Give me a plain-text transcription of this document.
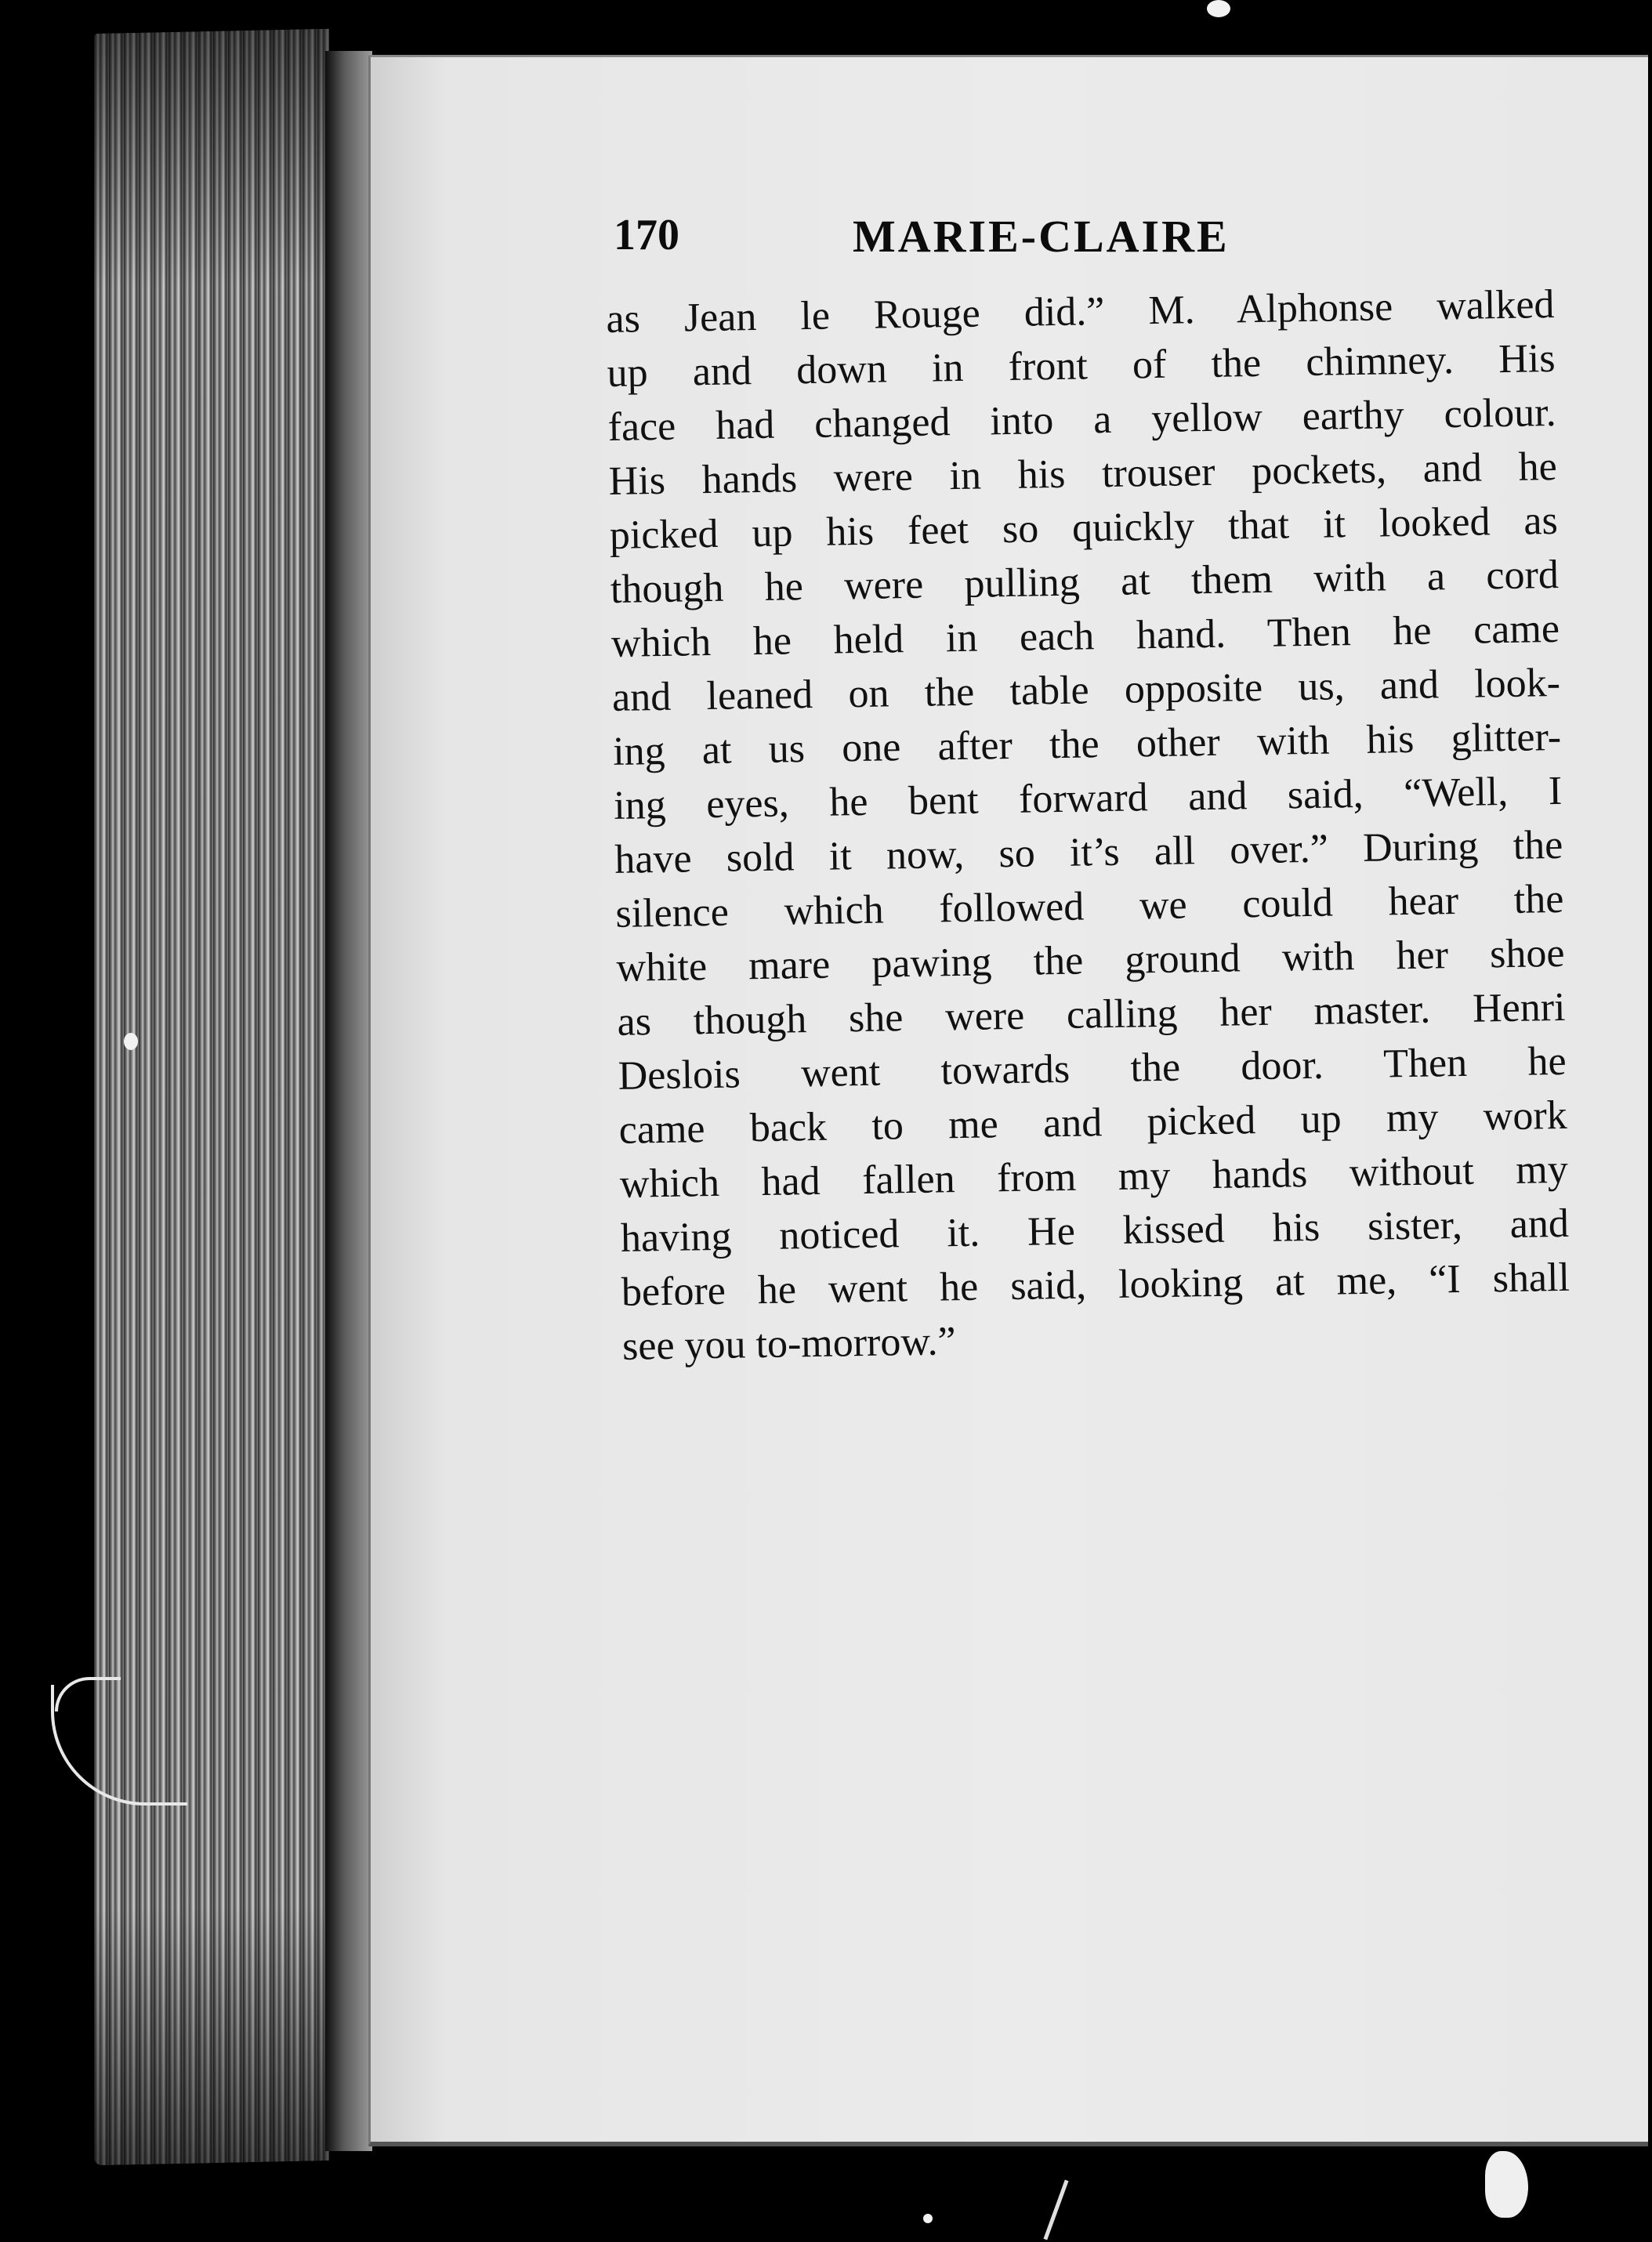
170	MARIE-CLAIRE
as Jean le Rouge did.” M. Alphonse walked
up and down in front of the chimney. His
face had changed into a yellow earthy colour.
His hands were in his trouser pockets, and he
picked up his feet so quickly that it looked as
though he were pulling at them with a cord
which he held in each hand. Then he came
and leaned on the table opposite us, and look-
ing at us one after the other with his glitter-
ing eyes, he bent forward and said, “Well, I
have sold it now, so it’s all over.” During the
silence which followed we could hear the
white mare pawing the ground with her shoe
as though she were calling her master. Henri
Deslois went towards the door. Then he
came back to me and picked up my work
which had fallen from my hands without my
having noticed it. He kissed his sister, and
before he went he said, looking at me, “I shall
see you to-morrow.”
